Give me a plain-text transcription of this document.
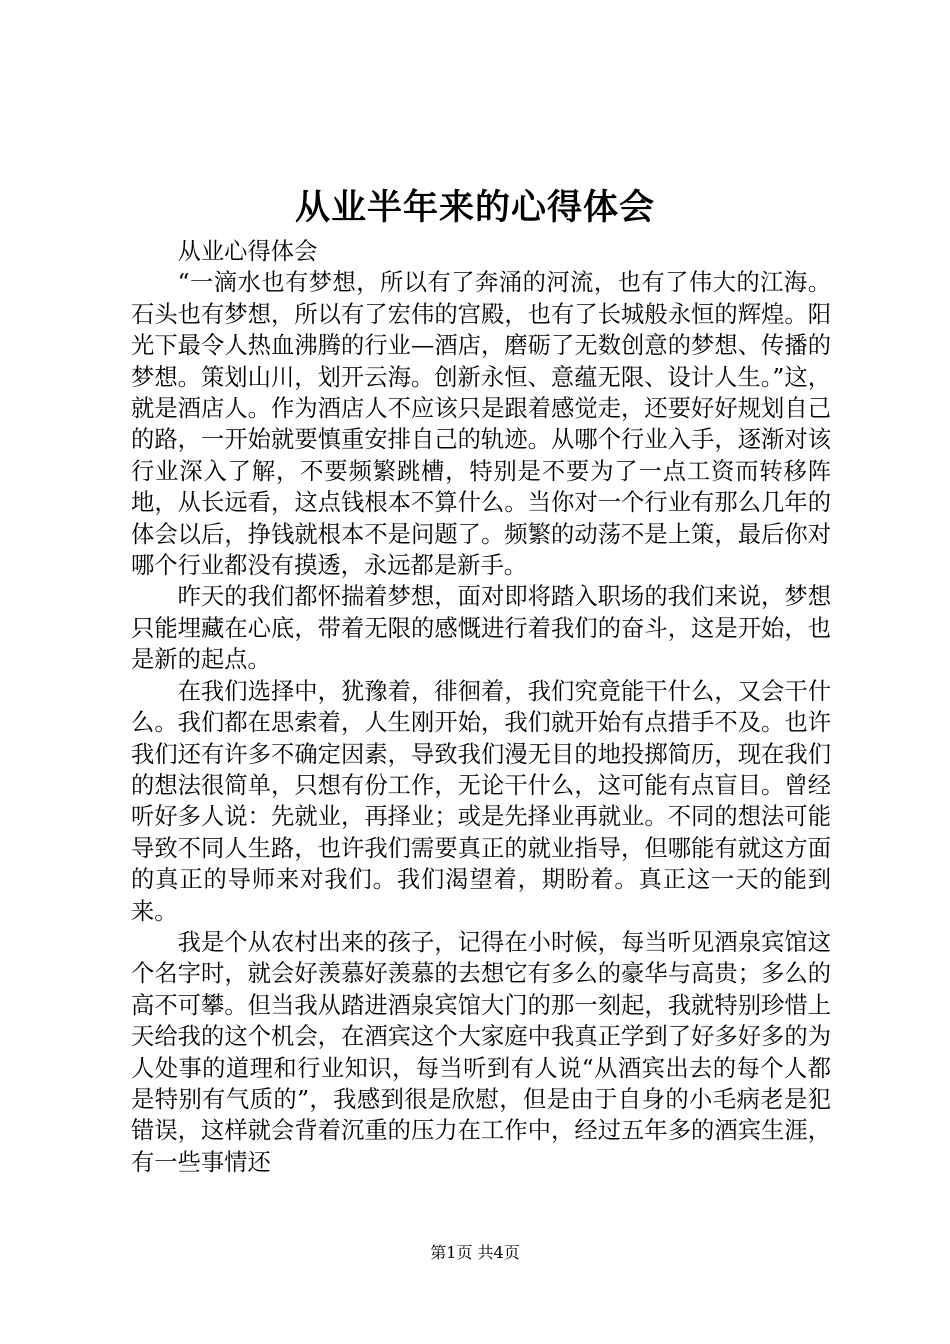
从业半年来的心得体会

从业心得体会

“一滴水也有梦想，所以有了奔涌的河流，也有了伟大的江海。石头也有梦想，所以有了宏伟的宫殿，也有了长城般永恒的辉煌。阳光下最令人热血沸腾的行业—酒店，磨砺了无数创意的梦想、传播的梦想。策划山川，划开云海。创新永恒、意蕴无限、设计人生。”这，就是酒店人。作为酒店人不应该只是跟着感觉走，还要好好规划自己的路，一开始就要慎重安排自己的轨迹。从哪个行业入手，逐渐对该行业深入了解，不要频繁跳槽，特别是不要为了一点工资而转移阵地，从长远看，这点钱根本不算什么。当你对一个行业有那么几年的体会以后，挣钱就根本不是问题了。频繁的动荡不是上策，最后你对哪个行业都没有摸透，永远都是新手。

昨天的我们都怀揣着梦想，面对即将踏入职场的我们来说，梦想只能埋藏在心底，带着无限的感慨进行着我们的奋斗，这是开始，也是新的起点。

在我们选择中，犹豫着，徘徊着，我们究竟能干什么，又会干什么。我们都在思索着，人生刚开始，我们就开始有点措手不及。也许我们还有许多不确定因素，导致我们漫无目的地投掷简历，现在我们的想法很简单，只想有份工作，无论干什么，这可能有点盲目。曾经听好多人说：先就业，再择业；或是先择业再就业。不同的想法可能导致不同人生路，也许我们需要真正的就业指导，但哪能有就这方面的真正的导师来对我们。我们渴望着，期盼着。真正这一天的能到来。

我是个从农村出来的孩子，记得在小时候，每当听见酒泉宾馆这个名字时，就会好羡慕好羡慕的去想它有多么的豪华与高贵；多么的高不可攀。但当我从踏进酒泉宾馆大门的那一刻起，我就特别珍惜上天给我的这个机会，在酒宾这个大家庭中我真正学到了好多好多的为人处事的道理和行业知识，每当听到有人说“从酒宾出去的每个人都是特别有气质的”，我感到很是欣慰，但是由于自身的小毛病老是犯错误，这样就会背着沉重的压力在工作中，经过五年多的酒宾生涯，有一些事情还

第1页 共4页
